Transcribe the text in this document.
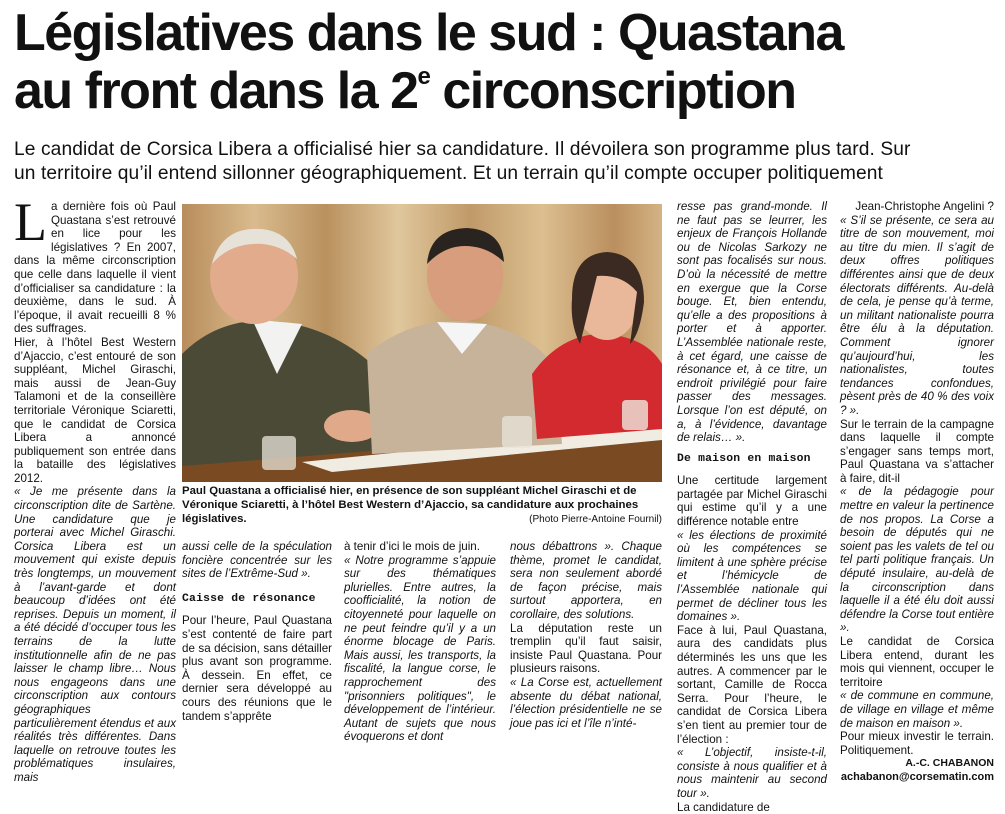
Législatives dans le sud : Quastana
au front dans la 2e circonscription
Le candidat de Corsica Libera a officialisé hier sa candidature. Il dévoilera son programme plus tard. Sur
un territoire qu’il entend sillonner géographiquement. Et un terrain qu’il compte occuper politiquement
L a dernière fois où Paul Quastana s’est retrouvé en lice pour les législatives ? En 2007, dans la même circonscription que celle dans laquelle il vient d’officialiser sa candidature : la deuxième, dans le sud. À l’époque, il avait recueilli 8 % des suffrages.

Hier, à l’hôtel Best Western d’Ajaccio, c’est entouré de son suppléant, Michel Giraschi, mais aussi de Jean-Guy Talamoni et de la conseillère territoriale Véronique Sciaretti, que le candidat de Corsica Libera a annoncé publiquement son entrée dans la bataille des législatives 2012.

« Je me présente dans la circonscription dite de Sartène. Une candidature que je porterai avec Michel Giraschi. Corsica Libera est un mouvement qui existe depuis très longtemps, un mouvement à l’avant-garde et dont beaucoup d’idées ont été reprises. Depuis un moment, il a été décidé d’occuper tous les terrains de la lutte institutionnelle afin de ne pas laisser le champ libre… Nous nous engageons dans une circonscription aux contours géographiques particulièrement étendus et aux réalités très différentes. Dans laquelle on retrouve toutes les problématiques insulaires, mais

Paul Quastana a officialisé hier, en présence de son suppléant Michel Giraschi et de Véronique Sciaretti, à l’hôtel Best Western d’Ajaccio, sa candidature aux prochaines législatives.	(Photo Pierre-Antoine Fournil)

aussi celle de la spéculation foncière concentrée sur les sites de l’Extrême-Sud ».

Caisse de résonance

Pour l’heure, Paul Quastana s’est contenté de faire part de sa décision, sans détailler plus avant son programme. À dessein. En effet, ce dernier sera développé au cours des réunions que le tandem s’apprête

à tenir d’ici le mois de juin.

« Notre programme s’appuie sur des thématiques plurielles. Entre autres, la coofficialité, la notion de citoyenneté pour laquelle on ne peut feindre qu’il y a un énorme blocage de Paris. Mais aussi, les transports, la fiscalité, la langue corse, le rapprochement des "prisonniers politiques", le développement de l’intérieur. Autant de sujets que nous évoquerons et dont

nous débattrons ». Chaque thème, promet le candidat, sera non seulement abordé de façon précise, mais surtout apportera, en corollaire, des solutions.

La députation reste un tremplin qu’il faut saisir, insiste Paul Quastana. Pour plusieurs raisons.

« La Corse est, actuellement absente du débat national, l’élection présidentielle ne se joue pas ici et l’île n’inté-

resse pas grand-monde. Il ne faut pas se leurrer, les enjeux de François Hollande ou de Nicolas Sarkozy ne sont pas focalisés sur nous. D’où la nécessité de mettre en exergue que la Corse bouge. Et, bien entendu, qu’elle a des propositions à porter et à apporter. L’Assemblée nationale reste, à cet égard, une caisse de résonance et, à ce titre, un endroit privilégié pour faire passer des messages. Lorsque l’on est député, on a, à l’évidence, davantage de relais… ».

De maison en maison

Une certitude largement partagée par Michel Giraschi qui estime qu’il y a une différence notable entre

« les élections de proximité où les compétences se limitent à une sphère précise et l’hémicycle de l’Assemblée nationale qui permet de décliner tous les domaines ».

Face à lui, Paul Quastana, aura des candidats plus déterminés les uns que les autres. A commencer par le sortant, Camille de Rocca Serra. Pour l’heure, le candidat de Corsica Libera s’en tient au premier tour de l’élection :

« L’objectif, insiste-t-il, consiste à nous qualifier et à nous maintenir au second tour ».

La candidature de

Jean-Christophe Angelini ?

« S’il se présente, ce sera au titre de son mouvement, moi au titre du mien. Il s’agit de deux offres politiques différentes ainsi que de deux électorats différents. Au-delà de cela, je pense qu’à terme, un militant nationaliste pourra être élu à la députation. Comment ignorer qu’aujourd’hui, les nationalistes, toutes tendances confondues, pèsent près de 40 % des voix ? ».

Sur le terrain de la campagne dans laquelle il compte s’engager sans temps mort, Paul Quastana va s’attacher à faire, dit-il

« de la pédagogie pour mettre en valeur la pertinence de nos propos. La Corse a besoin de députés qui ne soient pas les valets de tel ou tel parti politique français. Un député insulaire, au-delà de la circonscription dans laquelle il a été élu doit aussi défendre la Corse tout entière ».

Le candidat de Corsica Libera entend, durant les mois qui viennent, occuper le territoire

« de commune en commune, de village en village et même de maison en maison ».

Pour mieux investir le terrain. Politiquement.

A.-C. CHABANON

achabanon@corsematin.com
